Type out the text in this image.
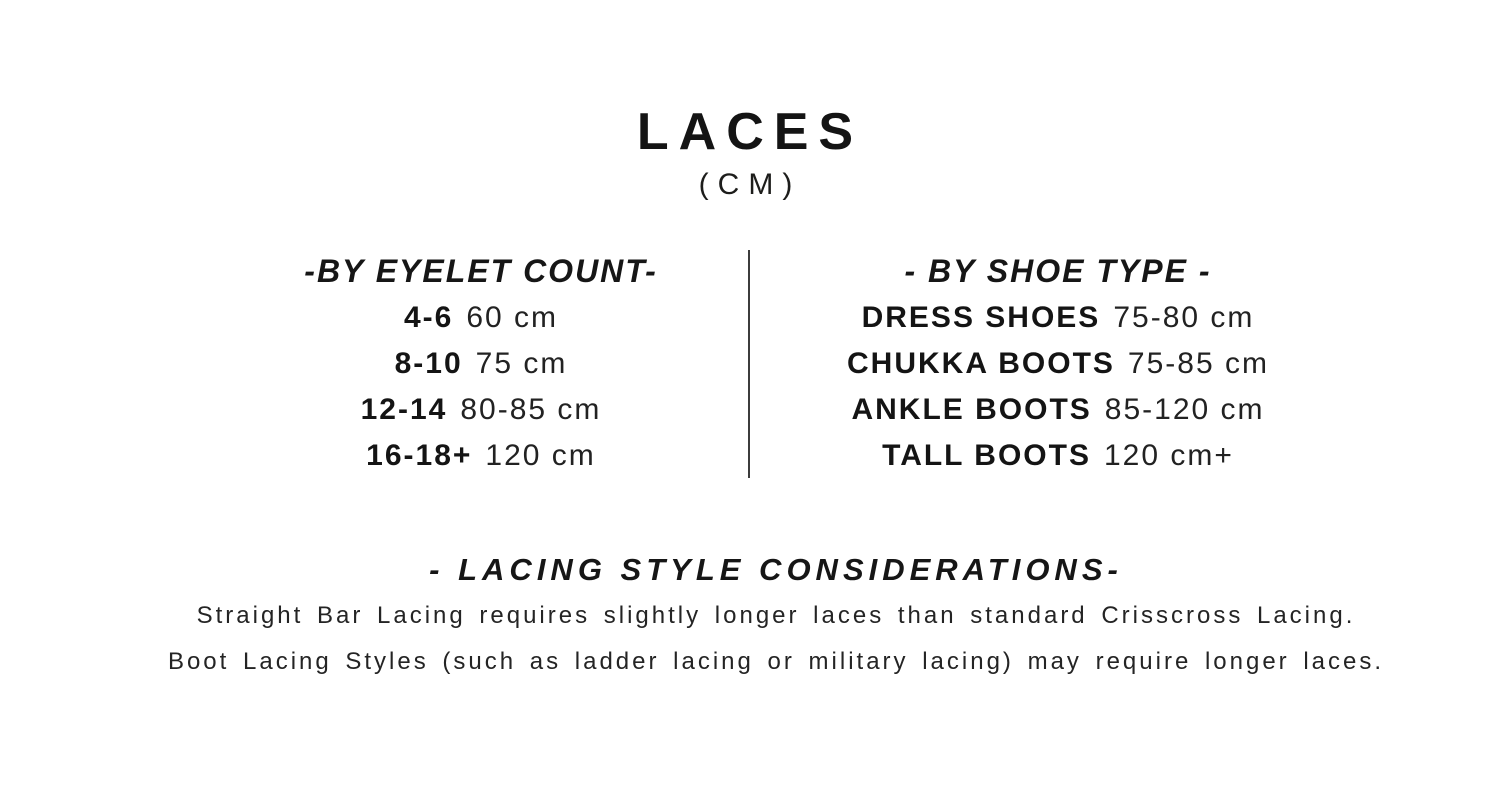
LACES
(CM)
-BY EYELET COUNT-
4-6 60 cm
8-10 75 cm
12-14 80-85 cm
16-18+ 120 cm
- BY SHOE TYPE -
DRESS SHOES 75-80 cm
CHUKKA BOOTS 75-85 cm
ANKLE BOOTS 85-120 cm
TALL BOOTS 120 cm+
- LACING STYLE CONSIDERATIONS-

Straight Bar Lacing requires slightly longer laces than standard Crisscross Lacing.

Boot Lacing Styles (such as ladder lacing or military lacing) may require longer laces.
